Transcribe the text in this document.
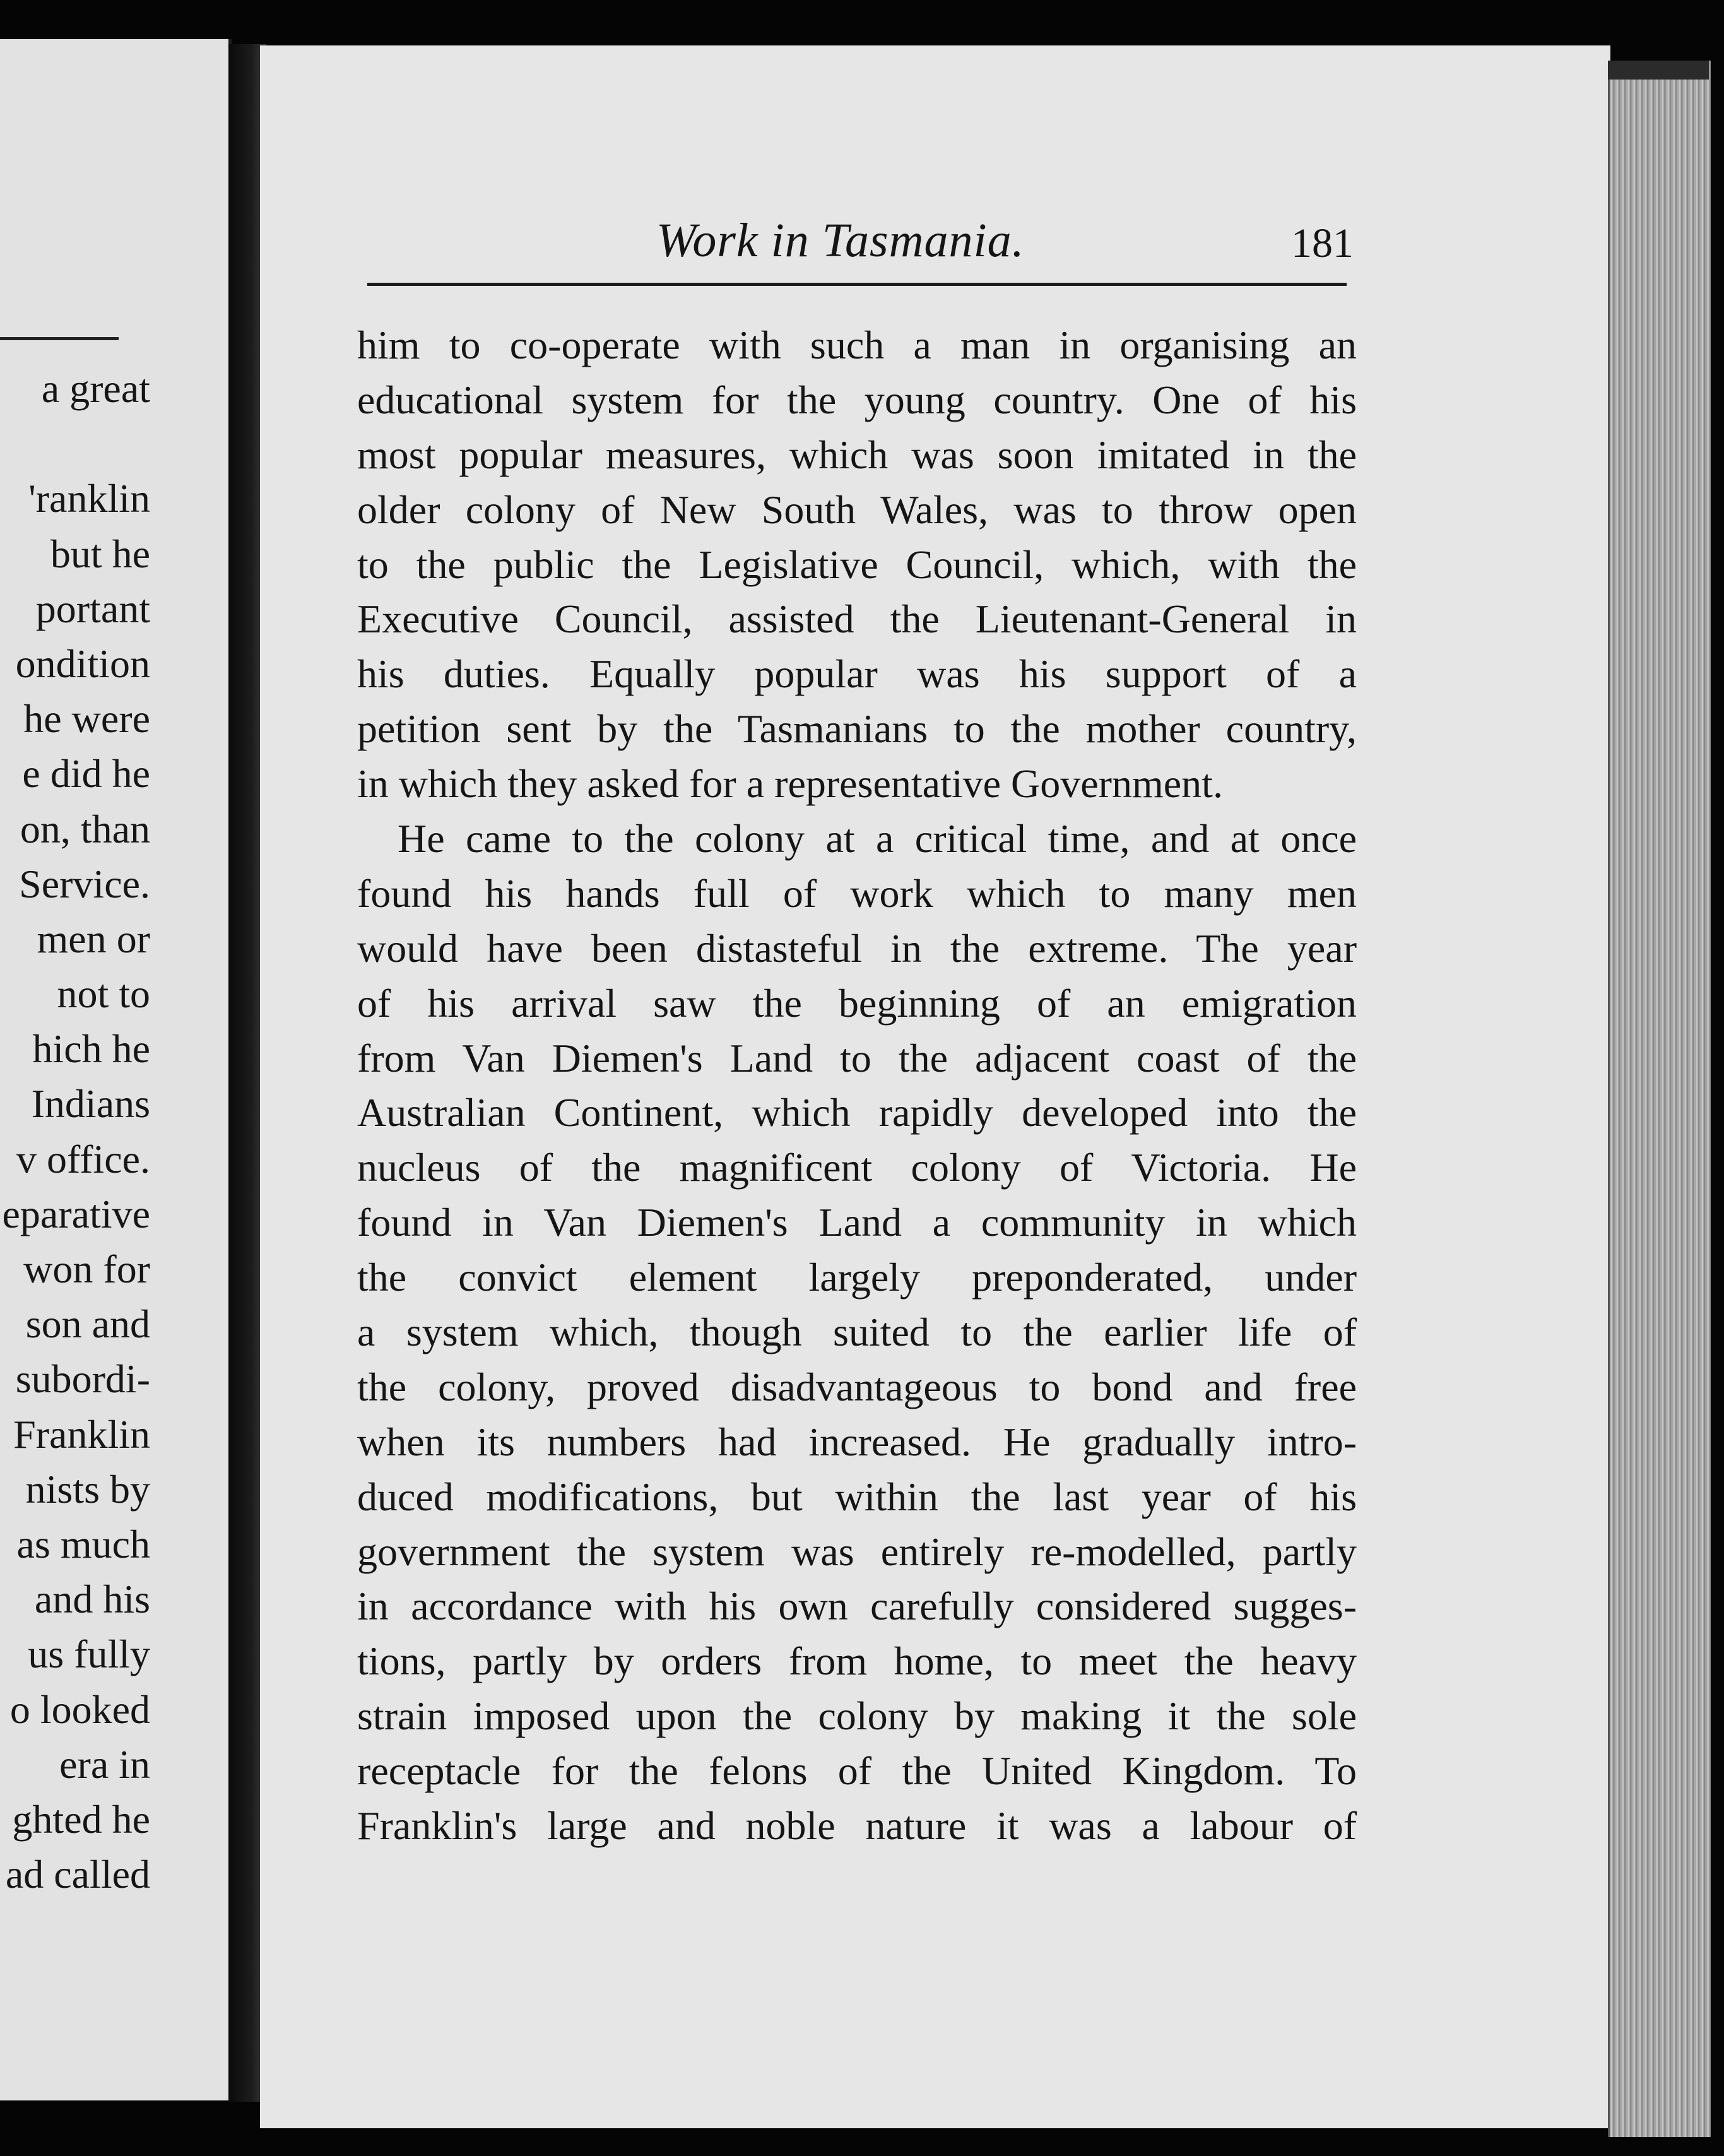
a great
'ranklin
but he
portant
ondition
he were
e did he
on, than
Service.
men or
not to
hich he
Indians
v office.
eparative
won for
son and
subordi-
Franklin
nists by
as much
and his
us fully
o looked
era in
ghted he
ad called
Work in Tasmania.	181
him to co-operate with such a man in organising an
educational system for the young country. One of his
most popular measures, which was soon imitated in the
older colony of New South Wales, was to throw open
to the public the Legislative Council, which, with the
Executive Council, assisted the Lieutenant-General in
his duties. Equally popular was his support of a
petition sent by the Tasmanians to the mother country,
in which they asked for a representative Government.
He came to the colony at a critical time, and at once
found his hands full of work which to many men
would have been distasteful in the extreme. The year
of his arrival saw the beginning of an emigration
from Van Diemen's Land to the adjacent coast of the
Australian Continent, which rapidly developed into the
nucleus of the magnificent colony of Victoria. He
found in Van Diemen's Land a community in which
the convict element largely preponderated, under
a system which, though suited to the earlier life of
the colony, proved disadvantageous to bond and free
when its numbers had increased. He gradually intro-
duced modifications, but within the last year of his
government the system was entirely re-modelled, partly
in accordance with his own carefully considered sugges-
tions, partly by orders from home, to meet the heavy
strain imposed upon the colony by making it the sole
receptacle for the felons of the United Kingdom. To
Franklin's large and noble nature it was a labour of
